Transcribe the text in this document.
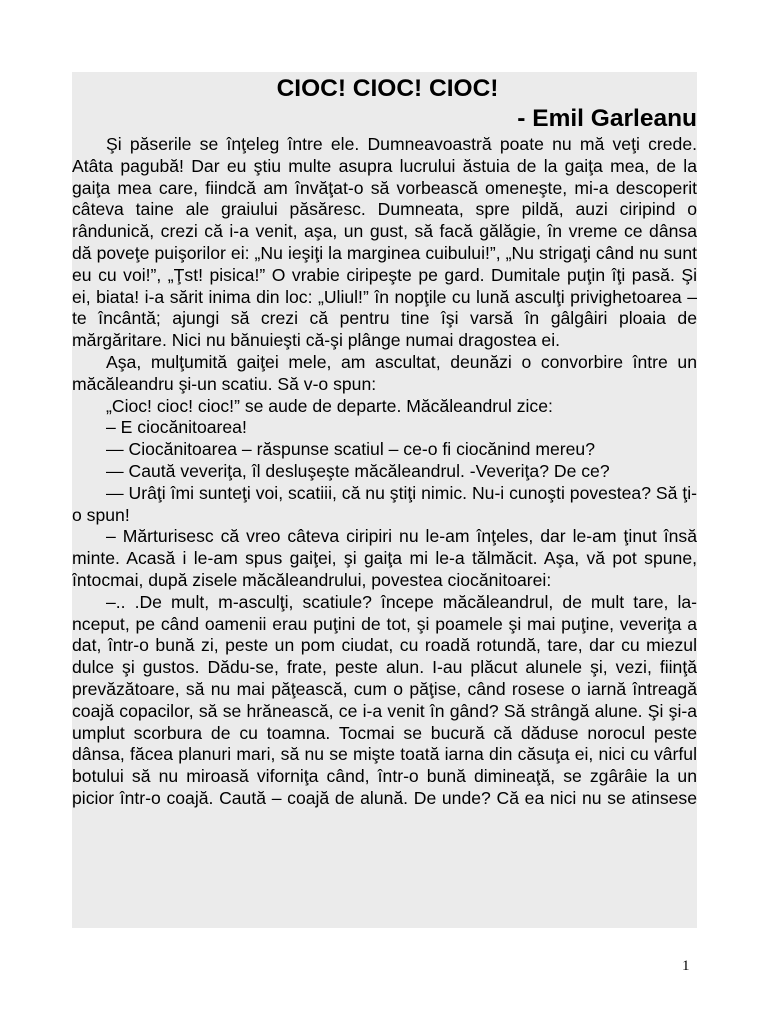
CIOC! CIOC! CIOC!

- Emil Garleanu

Şi păserile se înţeleg între ele. Dumneavoastră poate nu mă veţi crede. Atâta pagubă! Dar eu ştiu multe asupra lucrului ăstuia de la gaiţa mea, de la gaiţa mea care, fiindcă am învăţat-o să vorbească omeneşte, mi-a descoperit câteva taine ale graiului păsăresc. Dumneata, spre pildă, auzi ciripind o rândunică, crezi că i-a venit, aşa, un gust, să facă gălăgie, în vreme ce dânsa dă poveţe puişorilor ei: „Nu ieşiţi la marginea cuibului!”, „Nu strigaţi când nu sunt eu cu voi!”, „Ţst! pisica!” O vrabie ciripeşte pe gard. Dumitale puţin îţi pasă. Şi ei, biata! i-a sărit inima din loc: „Uliul!” în nopţile cu lună asculţi privighetoarea – te încântă; ajungi să crezi că pentru tine îşi varsă în gâlgâiri ploaia de mărgăritare. Nici nu bănuieşti că-şi plânge numai dragostea ei.

Aşa, mulţumită gaiţei mele, am ascultat, deunăzi o convorbire între un măcăleandru şi-un scatiu. Să v-o spun:

„Cioc! cioc! cioc!” se aude de departe. Măcăleandrul zice:

– E ciocănitoarea!

— Ciocănitoarea – răspunse scatiul – ce-o fi ciocănind mereu?

— Caută veveriţa, îl desluşeşte măcăleandrul. -Veveriţa? De ce?

— Urâţi îmi sunteţi voi, scatiii, că nu ştiţi nimic. Nu-i cunoşti povestea? Să ţi-o spun!

– Mărturisesc că vreo câteva ciripiri nu le-am înţeles, dar le-am ţinut însă minte. Acasă i le-am spus gaiţei, şi gaiţa mi le-a tălmăcit. Aşa, vă pot spune, întocmai, după zisele măcăleandrului, povestea ciocănitoarei:

–.. .De mult, m-asculţi, scatiule? începe măcăleandrul, de mult tare, la-nceput, pe când oamenii erau puţini de tot, şi poamele şi mai puţine, veveriţa a dat, într-o bună zi, peste un pom ciudat, cu roadă rotundă, tare, dar cu miezul dulce şi gustos. Dădu-se, frate, peste alun. I-au plăcut alunele şi, vezi, fiinţă prevăzătoare, să nu mai păţească, cum o păţise, când rosese o iarnă întreagă coajă copacilor, să se hrănească, ce i-a venit în gând? Să strângă alune. Şi şi-a umplut scorbura de cu toamna. Tocmai se bucură că dăduse norocul peste dânsa, făcea planuri mari, să nu se mişte toată iarna din căsuţa ei, nici cu vârful botului să nu miroasă viforniţa când, într-o bună dimineaţă, se zgârâie la un picior într-o coajă. Caută – coajă de alună. De unde? Că ea nici nu se atinsese

1
